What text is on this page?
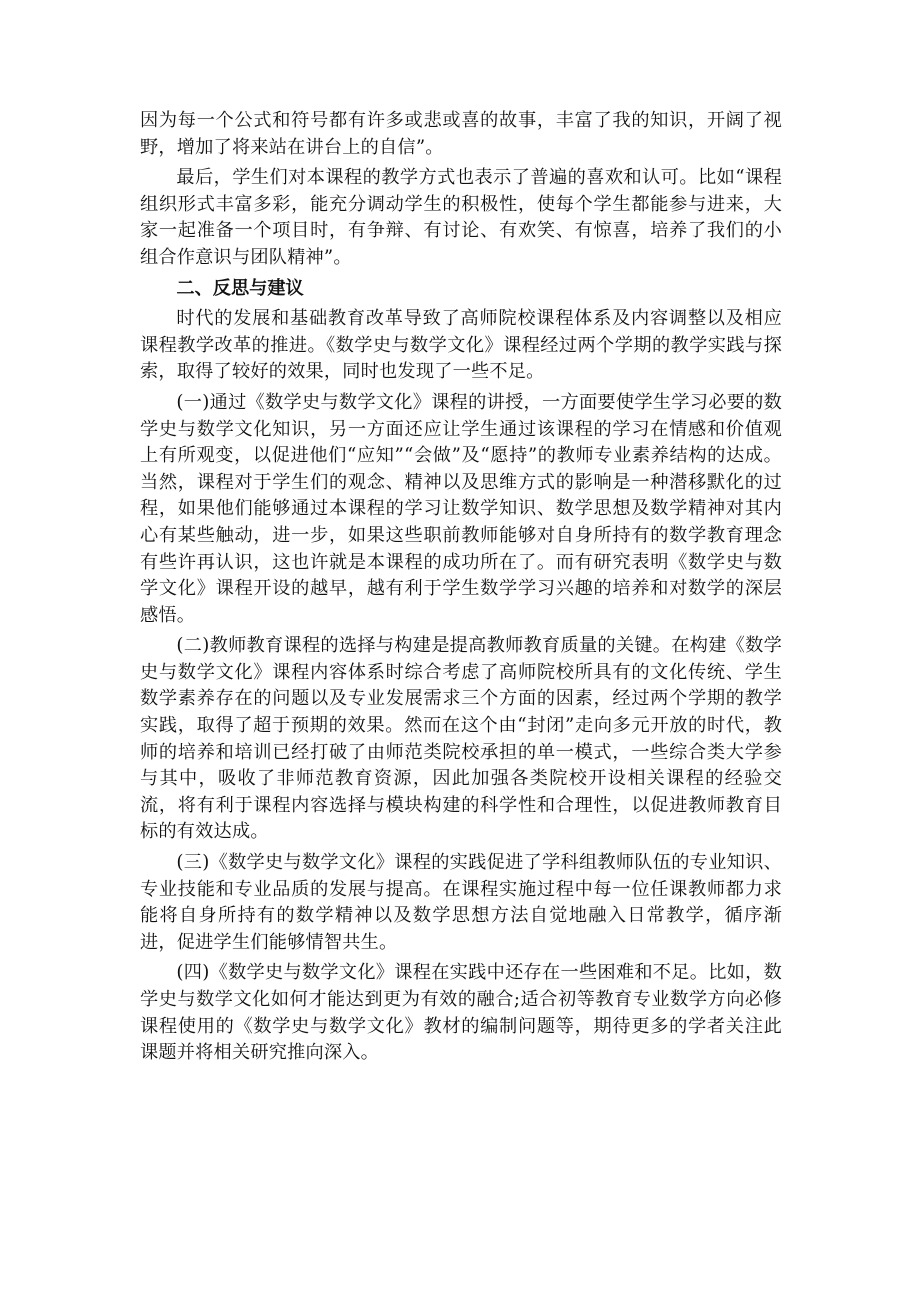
因为每一个公式和符号都有许多或悲或喜的故事，丰富了我的知识，开阔了视野，增加了将来站在讲台上的自信”。

最后，学生们对本课程的教学方式也表示了普遍的喜欢和认可。比如“课程组织形式丰富多彩，能充分调动学生的积极性，使每个学生都能参与进来，大家一起准备一个项目时，有争辩、有讨论、有欢笑、有惊喜，培养了我们的小组合作意识与团队精神”。

二、反思与建议

时代的发展和基础教育改革导致了高师院校课程体系及内容调整以及相应课程教学改革的推进。《数学史与数学文化》课程经过两个学期的教学实践与探索，取得了较好的效果，同时也发现了一些不足。

(一)通过《数学史与数学文化》课程的讲授，一方面要使学生学习必要的数学史与数学文化知识，另一方面还应让学生通过该课程的学习在情感和价值观上有所观变，以促进他们“应知”“会做”及“愿持”的教师专业素养结构的达成。当然，课程对于学生们的观念、精神以及思维方式的影响是一种潜移默化的过程，如果他们能够通过本课程的学习让数学知识、数学思想及数学精神对其内心有某些触动，进一步，如果这些职前教师能够对自身所持有的数学教育理念有些许再认识，这也许就是本课程的成功所在了。而有研究表明《数学史与数学文化》课程开设的越早，越有利于学生数学学习兴趣的培养和对数学的深层感悟。

(二)教师教育课程的选择与构建是提高教师教育质量的关键。在构建《数学史与数学文化》课程内容体系时综合考虑了高师院校所具有的文化传统、学生数学素养存在的问题以及专业发展需求三个方面的因素，经过两个学期的教学实践，取得了超于预期的效果。然而在这个由“封闭”走向多元开放的时代，教师的培养和培训已经打破了由师范类院校承担的单一模式，一些综合类大学参与其中，吸收了非师范教育资源，因此加强各类院校开设相关课程的经验交流，将有利于课程内容选择与模块构建的科学性和合理性，以促进教师教育目标的有效达成。

(三)《数学史与数学文化》课程的实践促进了学科组教师队伍的专业知识、专业技能和专业品质的发展与提高。在课程实施过程中每一位任课教师都力求能将自身所持有的数学精神以及数学思想方法自觉地融入日常教学，循序渐进，促进学生们能够情智共生。

(四)《数学史与数学文化》课程在实践中还存在一些困难和不足。比如，数学史与数学文化如何才能达到更为有效的融合;适合初等教育专业数学方向必修课程使用的《数学史与数学文化》教材的编制问题等，期待更多的学者关注此课题并将相关研究推向深入。
